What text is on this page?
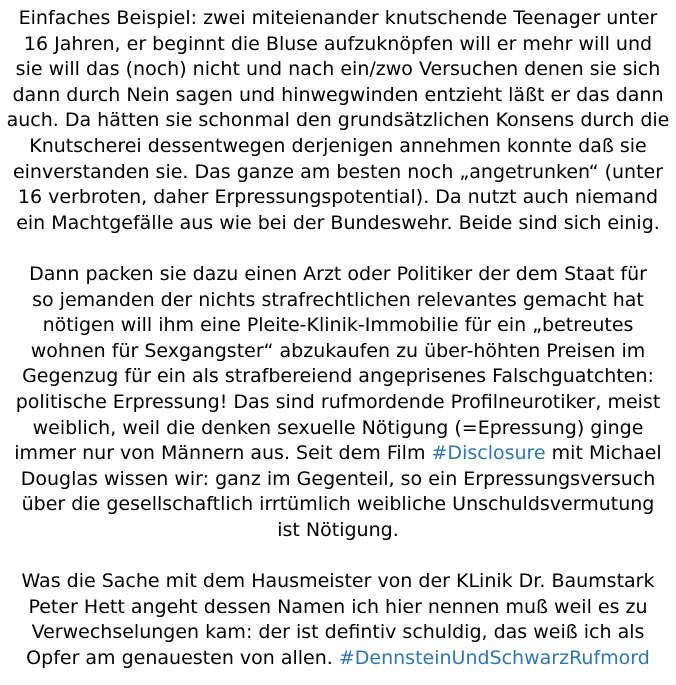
Einfaches Beispiel: zwei miteienander knutschende Teenager unter
16 Jahren, er beginnt die Bluse aufzuknöpfen will er mehr will und
sie will das (noch) nicht und nach ein/zwo Versuchen denen sie sich
dann durch Nein sagen und hinwegwinden entzieht läßt er das dann
auch. Da hätten sie schonmal den grundsätzlichen Konsens durch die
Knutscherei dessentwegen derjenigen annehmen konnte daß sie
einverstanden sie. Das ganze am besten noch „angetrunken“ (unter
16 verbroten, daher Erpressungspotential). Da nutzt auch niemand
ein Machtgefälle aus wie bei der Bundeswehr. Beide sind sich einig.

Dann packen sie dazu einen Arzt oder Politiker der dem Staat für
so jemanden der nichts strafrechtlichen relevantes gemacht hat
nötigen will ihm eine Pleite-Klinik-Immobilie für ein „betreutes
wohnen für Sexgangster“ abzukaufen zu über-höhten Preisen im
Gegenzug für ein als strafbereiend angeprisenes Falschguatchten:
politische Erpressung! Das sind rufmordende Profilneurotiker, meist
weiblich, weil die denken sexuelle Nötigung (=Epressung) ginge
immer nur von Männern aus. Seit dem Film #Disclosure mit Michael
Douglas wissen wir: ganz im Gegenteil, so ein Erpressungsversuch
über die gesellschaftlich irrtümlich weibliche Unschuldsvermutung
ist Nötigung.

Was die Sache mit dem Hausmeister von der KLinik Dr. Baumstark
Peter Hett angeht dessen Namen ich hier nennen muß weil es zu
Verwechselungen kam: der ist defintiv schuldig, das weiß ich als
Opfer am genauesten von allen. #DennsteinUndSchwarzRufmord
